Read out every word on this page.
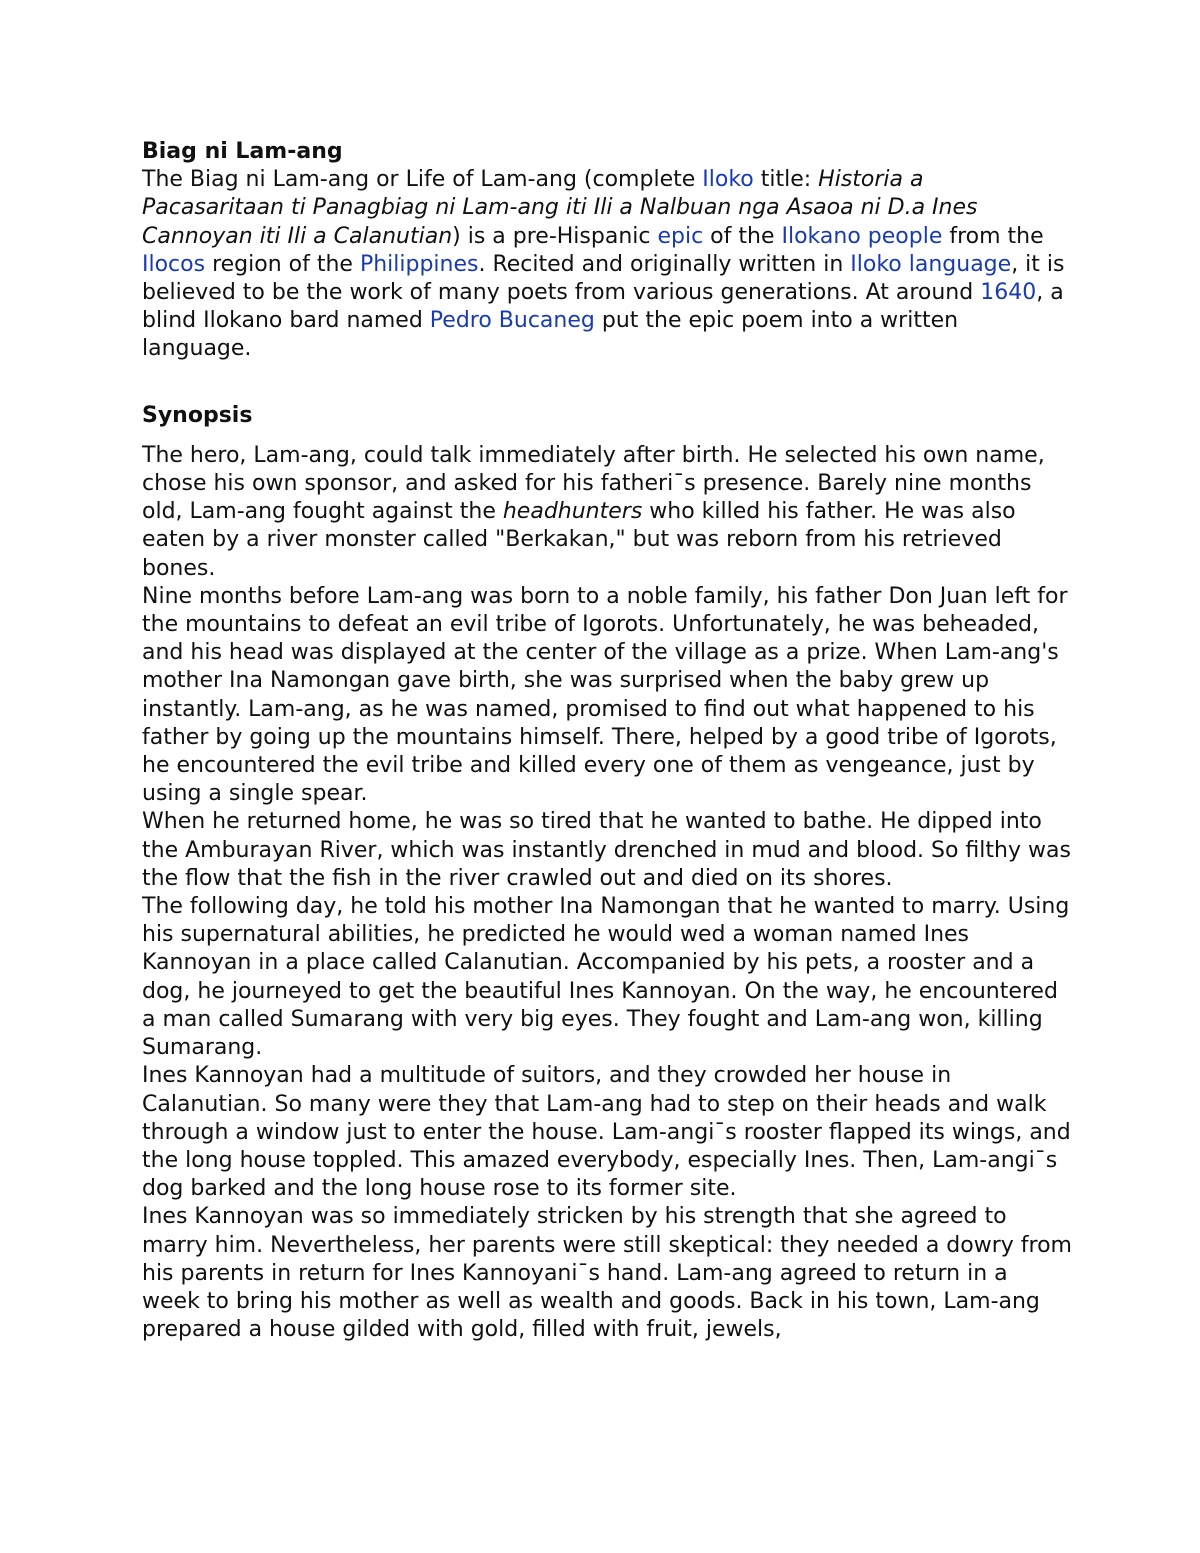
Biag ni Lam-ang

The Biag ni Lam-ang or Life of Lam-ang (complete Iloko title: Historia a Pacasaritaan ti Panagbiag ni Lam-ang iti Ili a Nalbuan nga Asaoa ni D.a Ines Cannoyan iti Ili a Calanutian) is a pre-Hispanic epic of the Ilokano people from the Ilocos region of the Philippines. Recited and originally written in Iloko language, it is believed to be the work of many poets from various generations. At around 1640, a blind Ilokano bard named Pedro Bucaneg put the epic poem into a written language.

Synopsis

The hero, Lam-ang, could talk immediately after birth. He selected his own name, chose his own sponsor, and asked for his fatheri¯s presence. Barely nine months old, Lam-ang fought against the headhunters who killed his father. He was also eaten by a river monster called "Berkakan," but was reborn from his retrieved bones.

Nine months before Lam-ang was born to a noble family, his father Don Juan left for the mountains to defeat an evil tribe of Igorots. Unfortunately, he was beheaded, and his head was displayed at the center of the village as a prize. When Lam-ang's mother Ina Namongan gave birth, she was surprised when the baby grew up instantly. Lam-ang, as he was named, promised to find out what happened to his father by going up the mountains himself. There, helped by a good tribe of Igorots, he encountered the evil tribe and killed every one of them as vengeance, just by using a single spear.

When he returned home, he was so tired that he wanted to bathe. He dipped into the Amburayan River, which was instantly drenched in mud and blood. So filthy was the flow that the fish in the river crawled out and died on its shores.

The following day, he told his mother Ina Namongan that he wanted to marry. Using his supernatural abilities, he predicted he would wed a woman named Ines Kannoyan in a place called Calanutian. Accompanied by his pets, a rooster and a dog, he journeyed to get the beautiful Ines Kannoyan. On the way, he encountered a man called Sumarang with very big eyes. They fought and Lam-ang won, killing Sumarang.

Ines Kannoyan had a multitude of suitors, and they crowded her house in Calanutian. So many were they that Lam-ang had to step on their heads and walk through a window just to enter the house. Lam-angi¯s rooster flapped its wings, and the long house toppled. This amazed everybody, especially Ines. Then, Lam-angi¯s dog barked and the long house rose to its former site.

Ines Kannoyan was so immediately stricken by his strength that she agreed to marry him. Nevertheless, her parents were still skeptical: they needed a dowry from his parents in return for Ines Kannoyani¯s hand. Lam-ang agreed to return in a week to bring his mother as well as wealth and goods. Back in his town, Lam-ang prepared a house gilded with gold, filled with fruit, jewels,
